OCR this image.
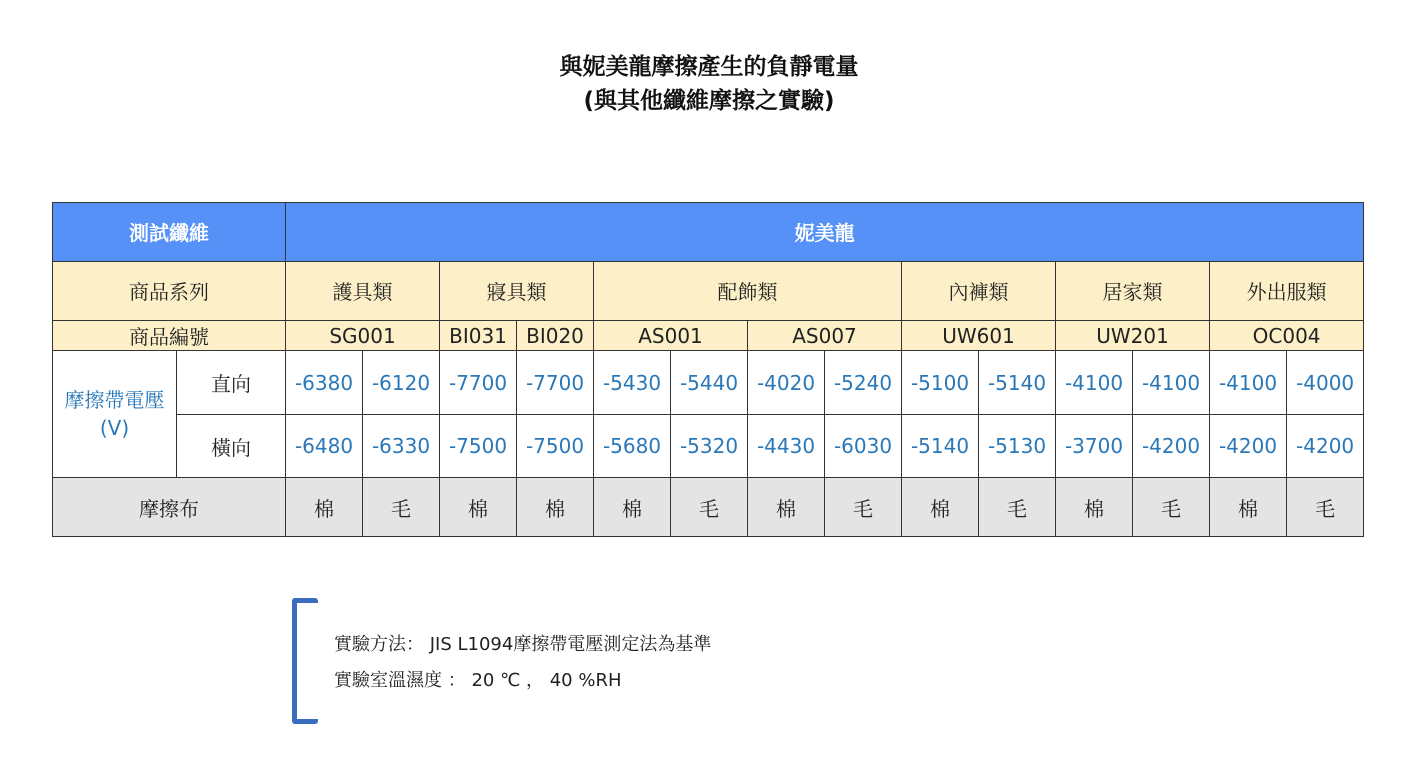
與妮美龍摩擦產生的負靜電量
(與其他纖維摩擦之實驗)
測試纖維		妮美龍													
商品系列		護具類		寢具類		配飾類				內褲類		居家類		外出服類	
商品編號		SG001		BI031	BI020	AS001		AS007		UW601		UW201		OC004	
摩擦帶電壓(V)	直向	-6380	-6120	-7700	-7700	-5430	-5440	-4020	-5240	-5100	-5140	-4100	-4100	-4100	-4000
	橫向	-6480	-6330	-7500	-7500	-5680	-5320	-4430	-6030	-5140	-5130	-3700	-4200	-4200	-4200
摩擦布		棉	毛	棉	棉	棉	毛	棉	毛	棉	毛	棉	毛	棉	毛
實驗方法： JIS L1094摩擦帶電壓測定法為基準
實驗室溫濕度 ： 20 ℃ ， 40 %RH
